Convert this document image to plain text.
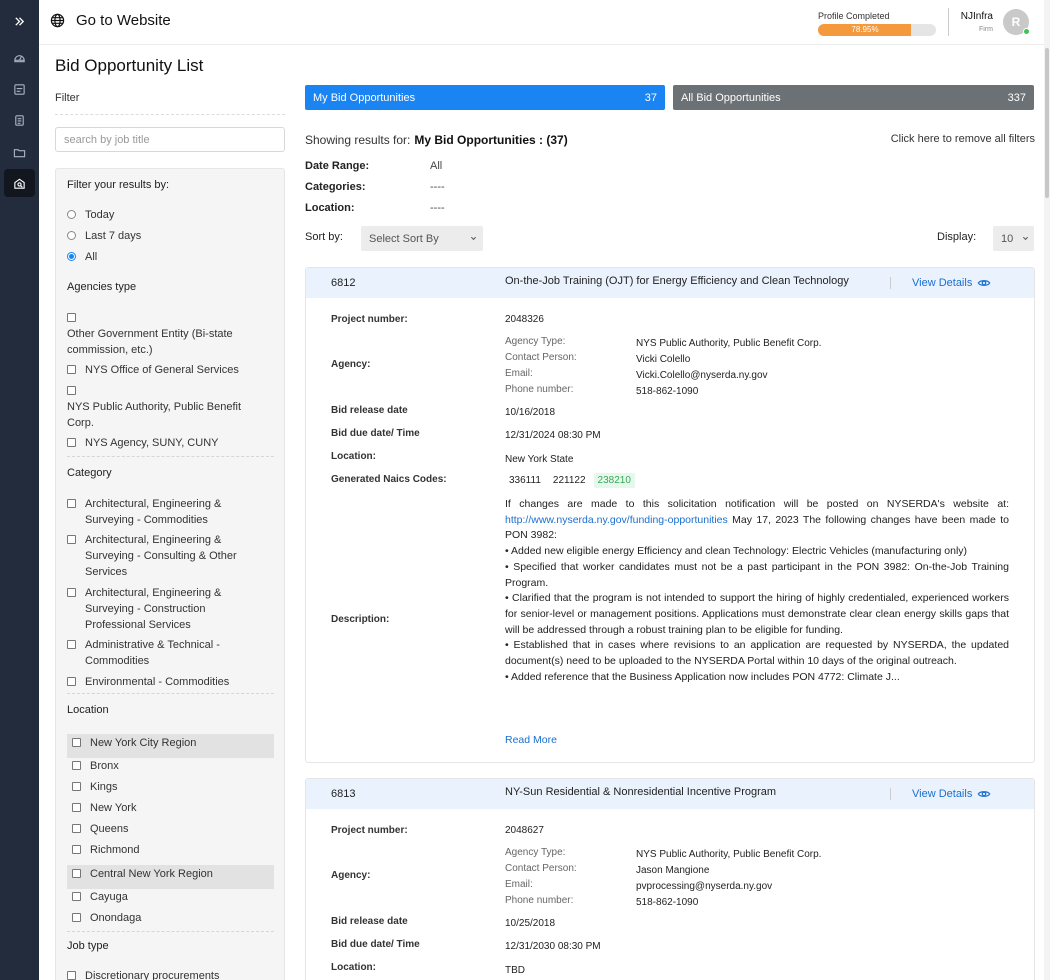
Go to Website	Profile Completed
78.95%
NJInfra
Firm
R
Bid Opportunity List
Filter
search by job title
Filter your results by:
Today
Last 7 days
All
Agencies type
Other Government Entity (Bi-state commission, etc.)
NYS Office of General Services
NYS Public Authority, Public Benefit Corp.
NYS Agency, SUNY, CUNY
Category
Architectural, Engineering & Surveying - Commodities
Architectural, Engineering & Surveying - Consulting & Other Services
Architectural, Engineering & Surveying - Construction Professional Services
Administrative & Technical - Commodities
Environmental - Commodities
Location
New York City Region
Bronx
Kings
New York
Queens
Richmond
Central New York Region
Cayuga
Onondaga
Job type
Discretionary procurements
My Bid Opportunities	37 All Bid Opportunities	337
Showing results for: My Bid Opportunities : (37)	Click here to remove all filters
Date Range:	All
Categories:	----
Location:	----
Sort by: Select Sort By	Display: 10
6812	On-the-Job Training (OJT) for Energy Efficiency and Clean Technology	View Details
Project number:	2048326
Agency:
Agency Type:	NYS Public Authority, Public Benefit Corp.
Contact Person:	Vicki Colello
Email:	Vicki.Colello@nyserda.ny.gov
Phone number:	518-862-1090
Bid release date	10/16/2018
Bid due date/ Time	12/31/2024 08:30 PM
Location:	New York State
Generated Naics Codes:	336111	221122	238210
Description:

If changes are made to this solicitation notification will be posted on NYSERDA's website at: http://www.nyserda.ny.gov/funding-opportunities May 17, 2023 The following changes have been made to PON 3982:

• Added new eligible energy Efficiency and clean Technology: Electric Vehicles (manufacturing only)

• Specified that worker candidates must not be a past participant in the PON 3982: On-the-Job Training Program.

• Clarified that the program is not intended to support the hiring of highly credentialed, experienced workers for senior-level or management positions. Applications must demonstrate clear clean energy skills gaps that will be addressed through a robust training plan to be eligible for funding.

• Established that in cases where revisions to an application are requested by NYSERDA, the updated document(s) need to be uploaded to the NYSERDA Portal within 10 days of the original outreach.

• Added reference that the Business Application now includes PON 4772: Climate J...

Read More
6813	NY-Sun Residential & Nonresidential Incentive Program	View Details
Project number:	2048627
Agency:
Agency Type:	NYS Public Authority, Public Benefit Corp.
Contact Person:	Jason Mangione
Email:	pvprocessing@nyserda.ny.gov
Phone number:	518-862-1090
Bid release date	10/25/2018
Bid due date/ Time	12/31/2030 08:30 PM
Location:	TBD
